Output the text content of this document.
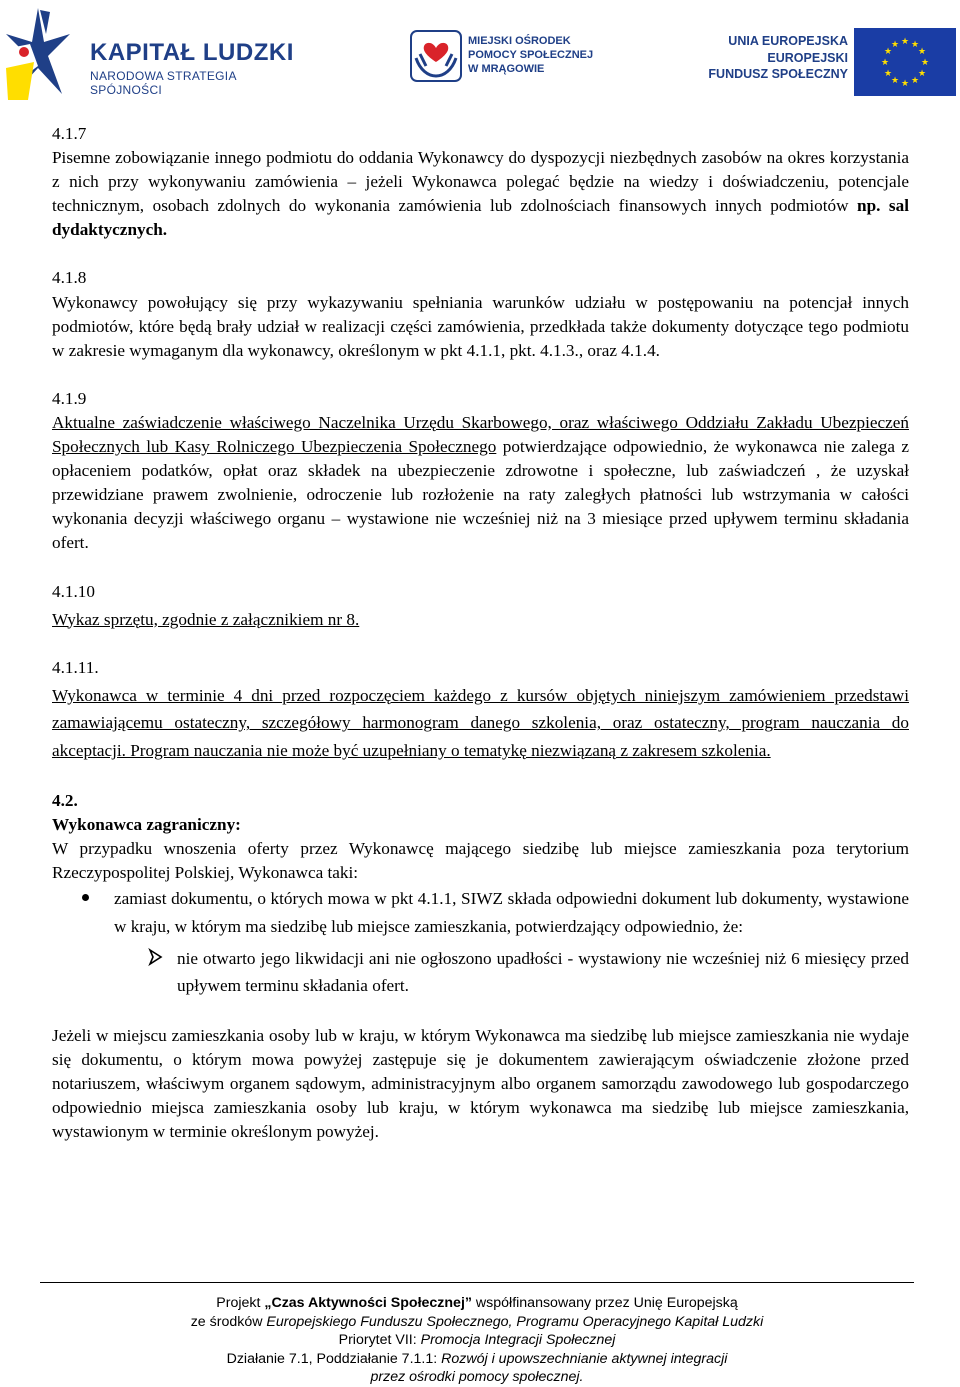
KAPITAŁ LUDZKI
NARODOWA STRATEGIA SPÓJNOŚCI
MIEJSKI OŚRODEK
POMOCY SPOŁECZNEJ
W MRĄGOWIE
UNIA EUROPEJSKA
EUROPEJSKI
FUNDUSZ SPOŁECZNY
★ ★
★
★
★
★
★
★
★
★
★
★

4.1.7

Pisemne zobowiązanie innego podmiotu do oddania Wykonawcy do dyspozycji niezbędnych zasobów na okres korzystania z nich przy wykonywaniu zamówienia – jeżeli Wykonawca polegać będzie na wiedzy i doświadczeniu, potencjale technicznym, osobach zdolnych do wykonania zamówienia lub zdolnościach finansowych innych podmiotów np. sal dydaktycznych.

4.1.8

Wykonawcy powołujący się przy wykazywaniu spełniania warunków udziału w postępowaniu na potencjał innych podmiotów, które będą brały udział w realizacji części zamówienia, przedkłada także dokumenty dotyczące tego podmiotu w zakresie wymaganym dla wykonawcy, określonym w pkt 4.1.1, pkt. 4.1.3., oraz 4.1.4.

4.1.9

Aktualne zaświadczenie właściwego Naczelnika Urzędu Skarbowego, oraz właściwego Oddziału Zakładu Ubezpieczeń Społecznych lub Kasy Rolniczego Ubezpieczenia Społecznego potwierdzające odpowiednio, że wykonawca nie zalega z opłaceniem podatków, opłat oraz składek na ubezpieczenie zdrowotne i społeczne, lub zaświadczeń , że uzyskał przewidziane prawem zwolnienie, odroczenie lub rozłożenie na raty zaległych płatności lub wstrzymania w całości wykonania decyzji właściwego organu – wystawione nie wcześniej niż na 3 miesiące przed upływem terminu składania ofert.

4.1.10

Wykaz sprzętu, zgodnie z załącznikiem nr 8.

4.1.11.

Wykonawca w terminie 4 dni przed rozpoczęciem każdego z kursów objętych niniejszym zamówieniem przedstawi zamawiającemu ostateczny, szczegółowy harmonogram danego szkolenia, oraz ostateczny, program nauczania do akceptacji. Program nauczania nie może być uzupełniany o tematykę niezwiązaną z zakresem szkolenia.

4.2.

Wykonawca zagraniczny:

W przypadku wnoszenia oferty przez Wykonawcę mającego siedzibę lub miejsce zamieszkania poza terytorium Rzeczypospolitej Polskiej, Wykonawca taki:

zamiast dokumentu, o których mowa w pkt 4.1.1, SIWZ składa odpowiedni dokument lub dokumenty, wystawione w kraju, w którym ma siedzibę lub miejsce zamieszkania, potwierdzający odpowiednio, że:
nie otwarto jego likwidacji ani nie ogłoszono upadłości - wystawiony nie wcześniej niż 6 miesięcy przed upływem terminu składania ofert.

Jeżeli w miejscu zamieszkania osoby lub w kraju, w którym Wykonawca ma siedzibę lub miejsce zamieszkania nie wydaje się dokumentu, o którym mowa powyżej zastępuje się je dokumentem zawierającym oświadczenie złożone przed notariuszem, właściwym organem sądowym, administracyjnym albo organem samorządu zawodowego lub gospodarczego odpowiednio miejsca zamieszkania osoby lub kraju, w którym wykonawca ma siedzibę lub miejsce zamieszkania, wystawionym w terminie określonym powyżej.

Projekt „Czas Aktywności Społecznej” współfinansowany przez Unię Europejską

ze środków Europejskiego Funduszu Społecznego, Programu Operacyjnego Kapitał Ludzki

Priorytet VII: Promocja Integracji Społecznej

Działanie 7.1, Poddziałanie 7.1.1: Rozwój i upowszechnianie aktywnej integracji

przez ośrodki pomocy społecznej.
